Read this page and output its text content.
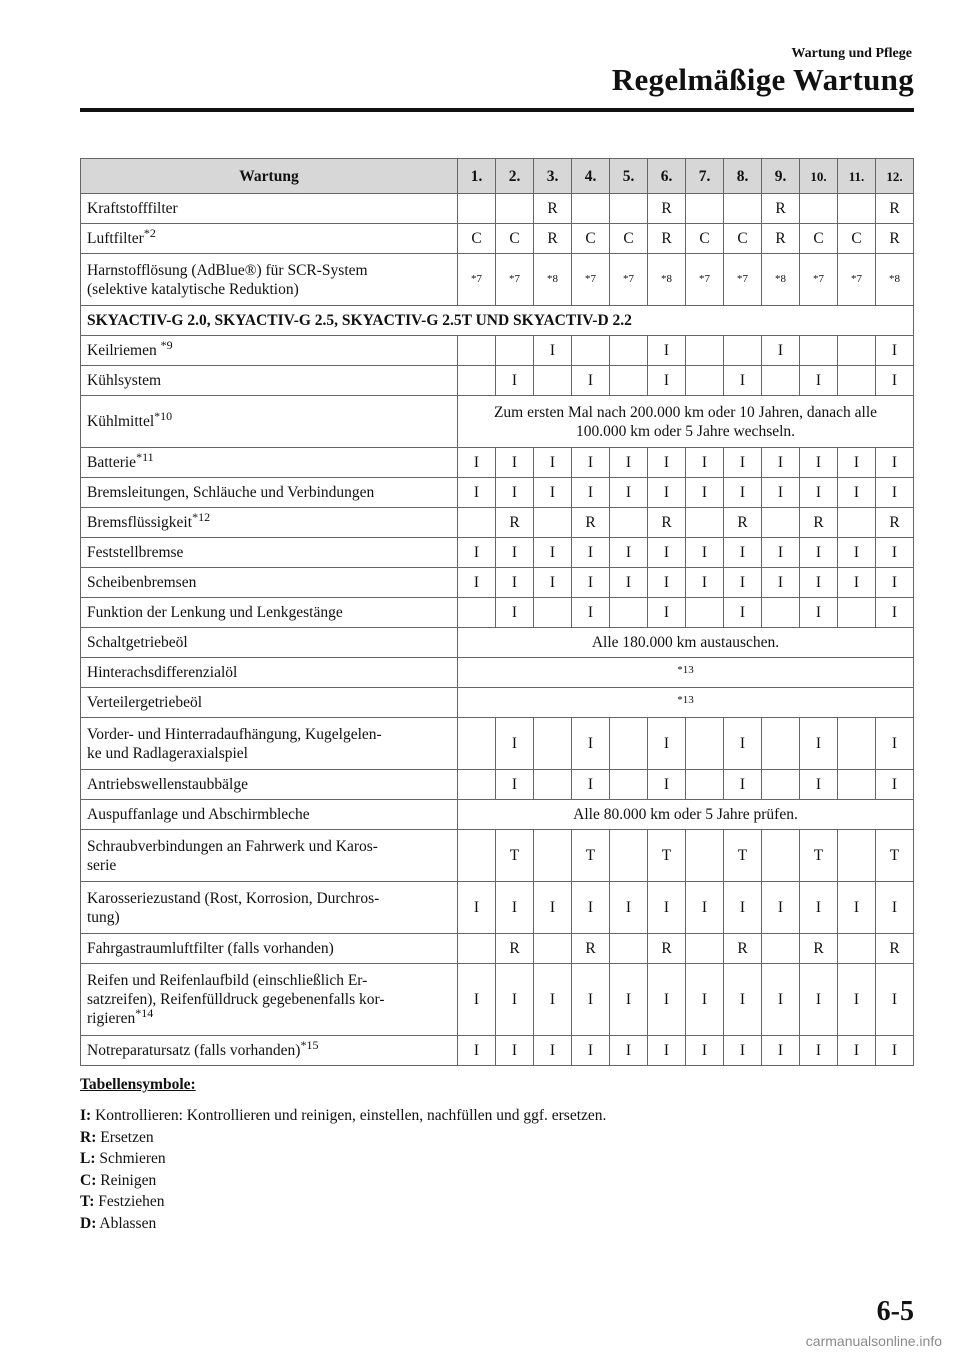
Wartung und Pflege
Regelmäßige Wartung
Wartung	1.	2.	3.	4.	5.	6.	7.	8.	9.	10.	11.	12.
Kraftstofffilter			R			R			R			R
Luftfilter$^{*2}$	C	C	R	C	C	R	C	C	R	C	C	R
Harnstofflösung (AdBlue®) für SCR-System
(selektive katalytische Reduktion)	*7	*7	*8	*7	*7	*8	*7	*7	*8	*7	*7	*8
SKYACTIV-G 2.0, SKYACTIV-G 2.5, SKYACTIV-G 2.5T UND SKYACTIV-D 2.2												
Keilriemen $^{*9}$			I			I			I			I
Kühlsystem		I		I		I		I		I		I
Kühlmittel$^{*10}$	Zum ersten Mal nach 200.000 km oder 10 Jahren, danach alle
100.000 km oder 5 Jahre wechseln.											
Batterie$^{*11}$	I	I	I	I	I	I	I	I	I	I	I	I
Bremsleitungen, Schläuche und Verbindungen	I	I	I	I	I	I	I	I	I	I	I	I
Bremsflüssigkeit$^{*12}$		R		R		R		R		R		R
Feststellbremse	I	I	I	I	I	I	I	I	I	I	I	I
Scheibenbremsen	I	I	I	I	I	I	I	I	I	I	I	I
Funktion der Lenkung und Lenkgestänge		I		I		I		I		I		I
Schaltgetriebeöl	Alle 180.000 km austauschen.											
Hinterachsdifferenzialöl	*13											
Verteilergetriebeöl	*13											
Vorder- und Hinterradaufhängung, Kugelgelen-
ke und Radlageraxialspiel		I		I		I		I		I		I
Antriebswellenstaubbälge		I		I		I		I		I		I
Auspuffanlage und Abschirmbleche	Alle 80.000 km oder 5 Jahre prüfen.											
Schraubverbindungen an Fahrwerk und Karos-
serie		T		T		T		T		T		T
Karosseriezustand (Rost, Korrosion, Durchros-
tung)	I	I	I	I	I	I	I	I	I	I	I	I
Fahrgastraumluftfilter (falls vorhanden)		R		R		R		R		R		R
Reifen und Reifenlaufbild (einschließlich Er-
satzreifen), Reifenfülldruck gegebenenfalls kor-
rigieren$^{*14}$	I	I	I	I	I	I	I	I	I	I	I	I
Notreparatursatz (falls vorhanden)$^{*15}$	I	I	I	I	I	I	I	I	I	I	I	I
Tabellensymbole:
I: Kontrollieren: Kontrollieren und reinigen, einstellen, nachfüllen und ggf. ersetzen.
R: Ersetzen
L: Schmieren
C: Reinigen
T: Festziehen
D: Ablassen
6-5
carmanualsonline.info
